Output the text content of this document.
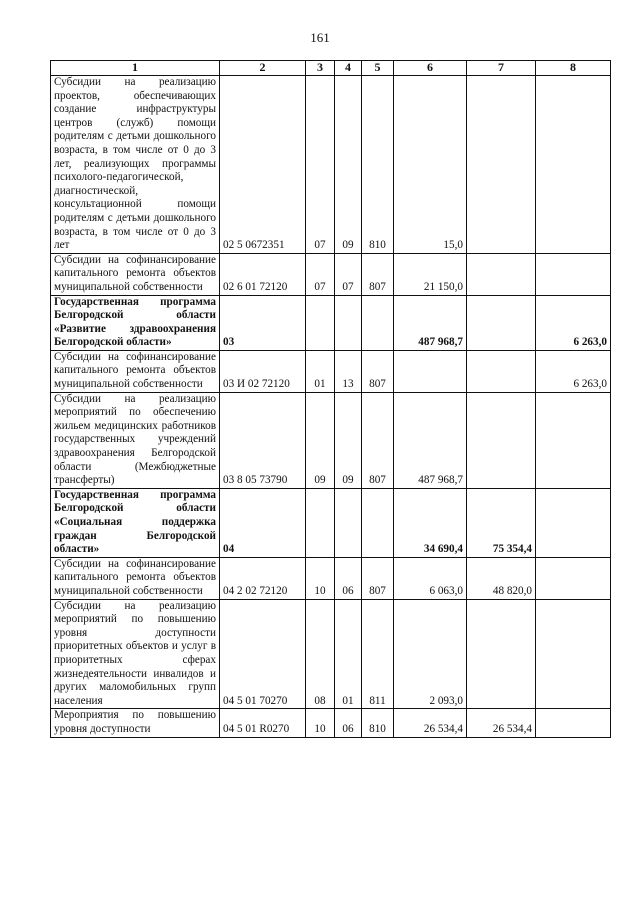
161
1	2	3	4	5	6	7	8
Субсидии на реализацию проектов, обеспечивающих создание инфраструктуры центров (служб) помощи родителям с детьми дошкольного возраста, в том числе от 0 до 3 лет, реализующих программы психолого-педагогической, диагностической, консультационной помощи родителям с детьми дошкольного возраста, в том числе от 0 до 3 лет	02 5 0672351	07	09	810	15,0		
Субсидии на софинансирование капитального ремонта объектов муниципальной собственности	02 6 01 72120	07	07	807	21 150,0		
Государственная программа Белгородской области «Развитие здравоохранения Белгородской области»	03				487 968,7		6 263,0
Субсидии на софинансирование капитального ремонта объектов муниципальной собственности	03 И 02 72120	01	13	807			6 263,0
Субсидии на реализацию мероприятий по обеспечению жильем медицинских работников государственных учреждений здравоохранения Белгородской области (Межбюджетные трансферты)	03 8 05 73790	09	09	807	487 968,7		
Государственная программа Белгородской области «Социальная поддержка граждан Белгородской области»	04				34 690,4	75 354,4	
Субсидии на софинансирование капитального ремонта объектов муниципальной собственности	04 2 02 72120	10	06	807	6 063,0	48 820,0	
Субсидии на реализацию мероприятий по повышению уровня доступности приоритетных объектов и услуг в приоритетных сферах жизнедеятельности инвалидов и других маломобильных групп населения	04 5 01 70270	08	01	811	2 093,0		
Мероприятия по повышению уровня доступности	04 5 01 R0270	10	06	810	26 534,4	26 534,4	
